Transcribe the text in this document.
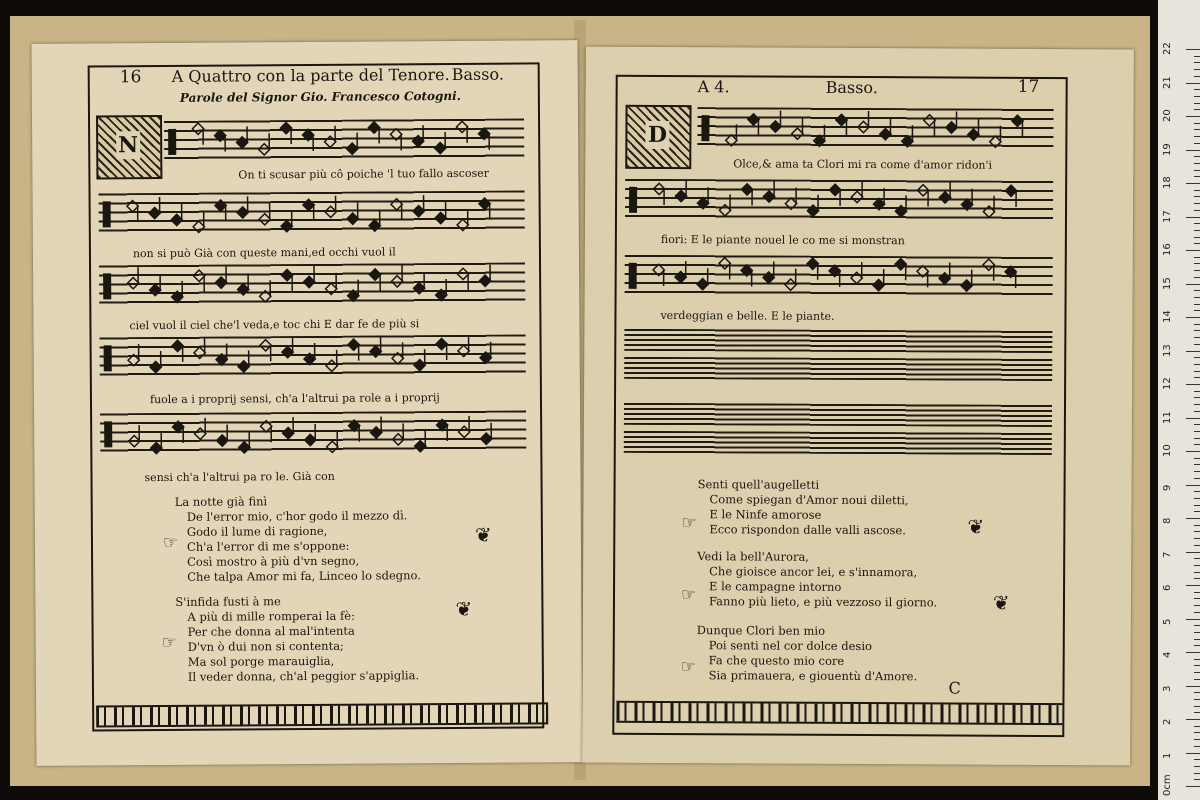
16 A Quattro con la parte del Tenore. Basso.
Parole del Signor Gio. Francesco Cotogni.
N
On ti scusar più cô poiche 'l tuo fallo ascoser
non si può Già con queste mani,ed occhi vuol il
ciel vuol il ciel che'l veda,e toc chi E dar fe de più si
fuole a i proprij sensi, ch'a l'altrui pa role a i proprij
sensi ch'a l'altrui pa ro le. Già con
La notte già finì
De l'error mio, c'hor godo il mezzo dì.
Godo il lume di ragione,
Ch'a l'error di me s'oppone:
Così mostro à più d'vn segno,
Che talpa Amor mi fa, Linceo lo sdegno.
☞	❦
S'infida fusti à me
A più di mille romperai la fè:
Per che donna al mal'intenta
D'vn ò dui non si contenta;
Ma sol porge marauiglia,
Il veder donna, ch'al peggior s'appiglia.
☞
❦
A 4.	Basso.	17
D
Olce,& ama ta Clori mi ra come d'amor ridon'i
fiori: E le piante nouel le co me si monstran
verdeggian e belle. E le piante.
Senti quell'augelletti
Come spiegan d'Amor noui diletti,
E le Ninfe amorose
Ecco rispondon dalle valli ascose.
☞	❦
Vedi la bell'Aurora,
Che gioisce ancor lei, e s'innamora,
E le campagne intorno
Fanno più lieto, e più vezzoso il giorno.
☞	❦
Dunque Clori ben mio
Poi senti nel cor dolce desio
Fa che questo mio core
Sia primauera, e giouentù d'Amore.
☞
C
0cm
1
2
3
4
5
6
7
8
9
10
11
12
13
14
15
16
17
18
19
20
21
22
